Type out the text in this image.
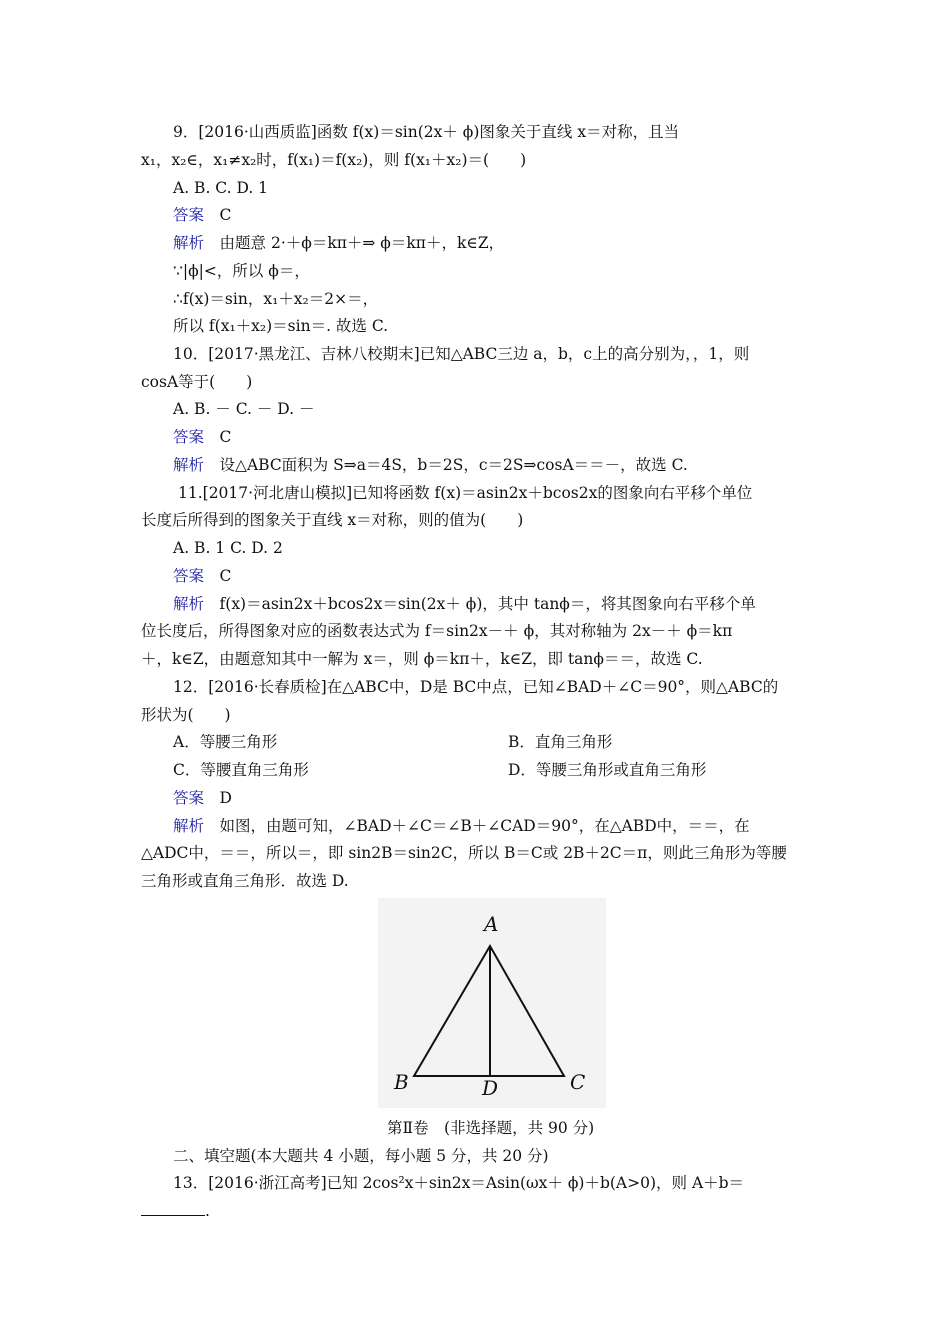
9．[2016·山西质监]函数 f(x)＝sin(2x＋ ϕ)图象关于直线 x＝对称，且当
x₁，x₂∈，x₁≠x₂时，f(x₁)＝f(x₂)，则 f(x₁＋x₂)＝(　　)
A. B. C. D. 1
答案　 C
解析　 由题意 2·＋ϕ＝kπ＋⇒ ϕ＝kπ＋，k∈Z，
∵|ϕ|<，所以 ϕ＝，
∴f(x)＝sin，x₁＋x₂＝2×＝，
所以 f(x₁＋x₂)＝sin＝. 故选 C.
10．[2017·黑龙江、吉林八校期末]已知△ABC三边 a，b，c上的高分别为，，1，则
cosA等于(　　)
A. B. － C. － D. －
答案　 C
解析　 设△ABC面积为 S⇒a＝4S，b＝2S，c＝2S⇒cosA＝＝－，故选 C.
11.[2017·河北唐山模拟]已知将函数 f(x)＝asin2x＋bcos2x的图象向右平移个单位
长度后所得到的图象关于直线 x＝对称，则的值为(　　)
A. B. 1 C. D. 2
答案　 C
解析　 f(x)＝asin2x＋bcos2x＝sin(2x＋ ϕ)，其中 tanϕ＝，将其图象向右平移个单
位长度后，所得图象对应的函数表达式为 f＝sin2x－＋ ϕ，其对称轴为 2x－＋ ϕ＝kπ
＋，k∈Z，由题意知其中一解为 x＝，则 ϕ＝kπ＋，k∈Z，即 tanϕ＝＝，故选 C.
12．[2016·长春质检]在△ABC中，D是 BC中点，已知∠BAD＋∠C＝90°，则△ABC的
形状为(　　)
A．等腰三角形	B．直角三角形
C．等腰直角三角形	D．等腰三角形或直角三角形
答案　 D
解析　 如图，由题可知，∠BAD＋∠C＝∠B＋∠CAD＝90°，在△ABD中，＝＝，在
△ADC中，＝＝，所以＝，即 sin2B＝sin2C，所以 B＝C或 2B＋2C＝π，则此三角形为等腰
三角形或直角三角形．故选 D.
A
B	D	C
第Ⅱ卷　(非选择题，共 90 分)
二、填空题(本大题共 4 小题，每小题 5 分，共 20 分)
13．[2016·浙江高考]已知 2cos²x＋sin2x＝Asin(ωx＋ ϕ)＋b(A>0)，则 A＋b＝
.
